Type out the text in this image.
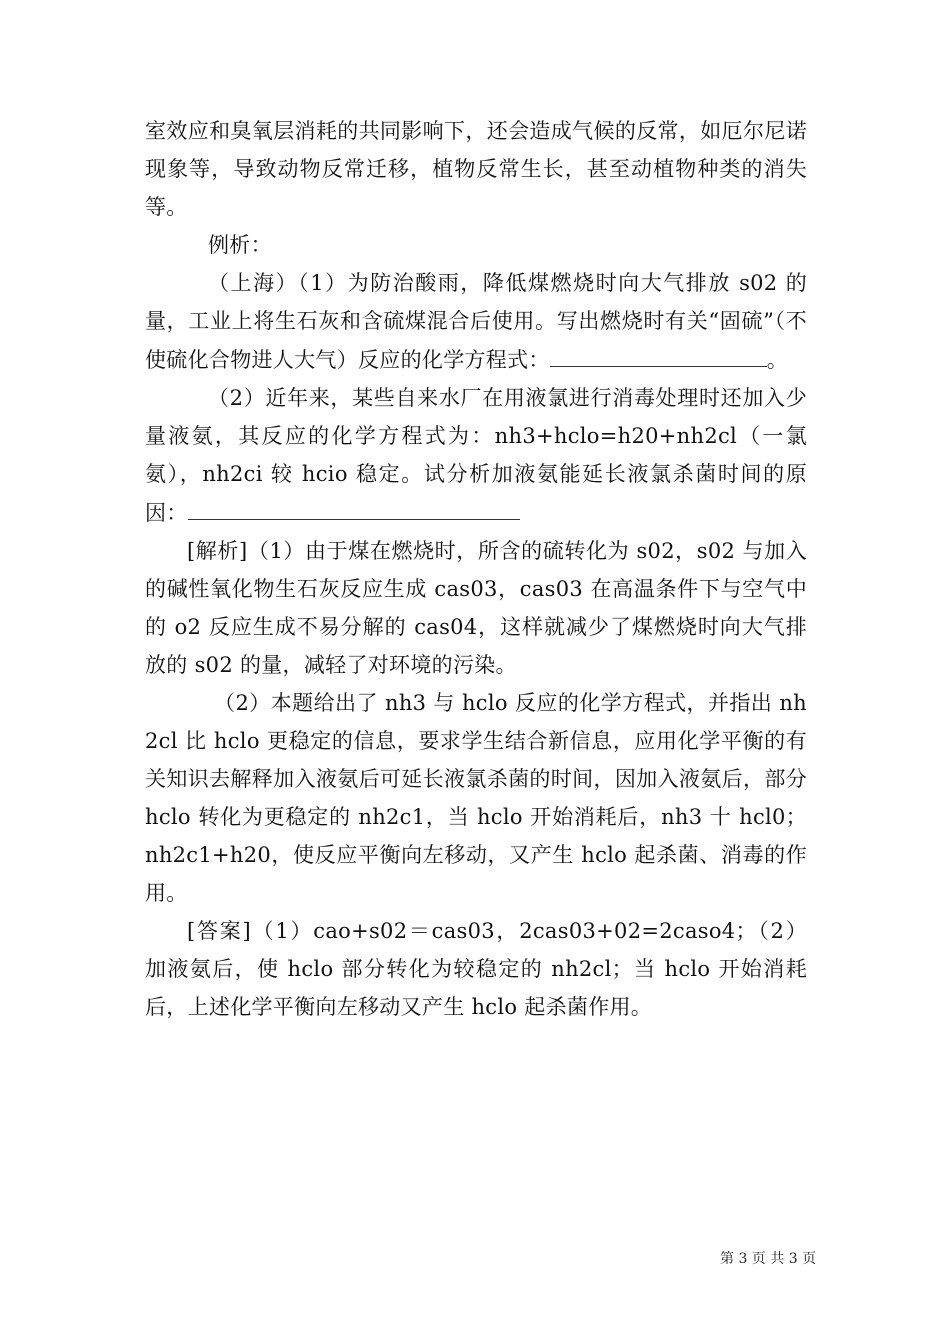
室效应和臭氧层消耗的共同影响下，还会造成气候的反常，如厄尔尼诺现象等，导致动物反常迁移，植物反常生长，甚至动植物种类的消失等。

例析：

（上海）（1）为防治酸雨，降低煤燃烧时向大气排放 s02 的量，工业上将生石灰和含硫煤混合后使用。写出燃烧时有关“固硫”（不使硫化合物进人大气）反应的化学方程式：	。

（2）近年来，某些自来水厂在用液氯进行消毒处理时还加入少量液氨，其反应的化学方程式为：nh3+hclo=h20+nh2cl（一氯氨），nh2ci 较 hcio 稳定。试分析加液氨能延长液氯杀菌时间的原因：

[解析]（1）由于煤在燃烧时，所含的硫转化为 s02，s02 与加入的碱性氧化物生石灰反应生成 cas03，cas03 在高温条件下与空气中的 o2 反应生成不易分解的 cas04，这样就减少了煤燃烧时向大气排放的 s02 的量，减轻了对环境的污染。

（2）本题给出了 nh3 与 hclo 反应的化学方程式，并指出 nh2cl 比 hclo 更稳定的信息，要求学生结合新信息，应用化学平衡的有关知识去解释加入液氨后可延长液氯杀菌的时间，因加入液氨后，部分 hclo 转化为更稳定的 nh2c1，当 hclo 开始消耗后，nh3 十 hcl0；nh2c1+h20，使反应平衡向左移动，又产生 hclo 起杀菌、消毒的作用。

[答案]（1）cao+s02＝cas03，2cas03+02=2caso4；（2）加液氨后，使 hclo 部分转化为较稳定的 nh2cl；当 hclo 开始消耗后，上述化学平衡向左移动又产生 hclo 起杀菌作用。

第 3 页 共 3 页
